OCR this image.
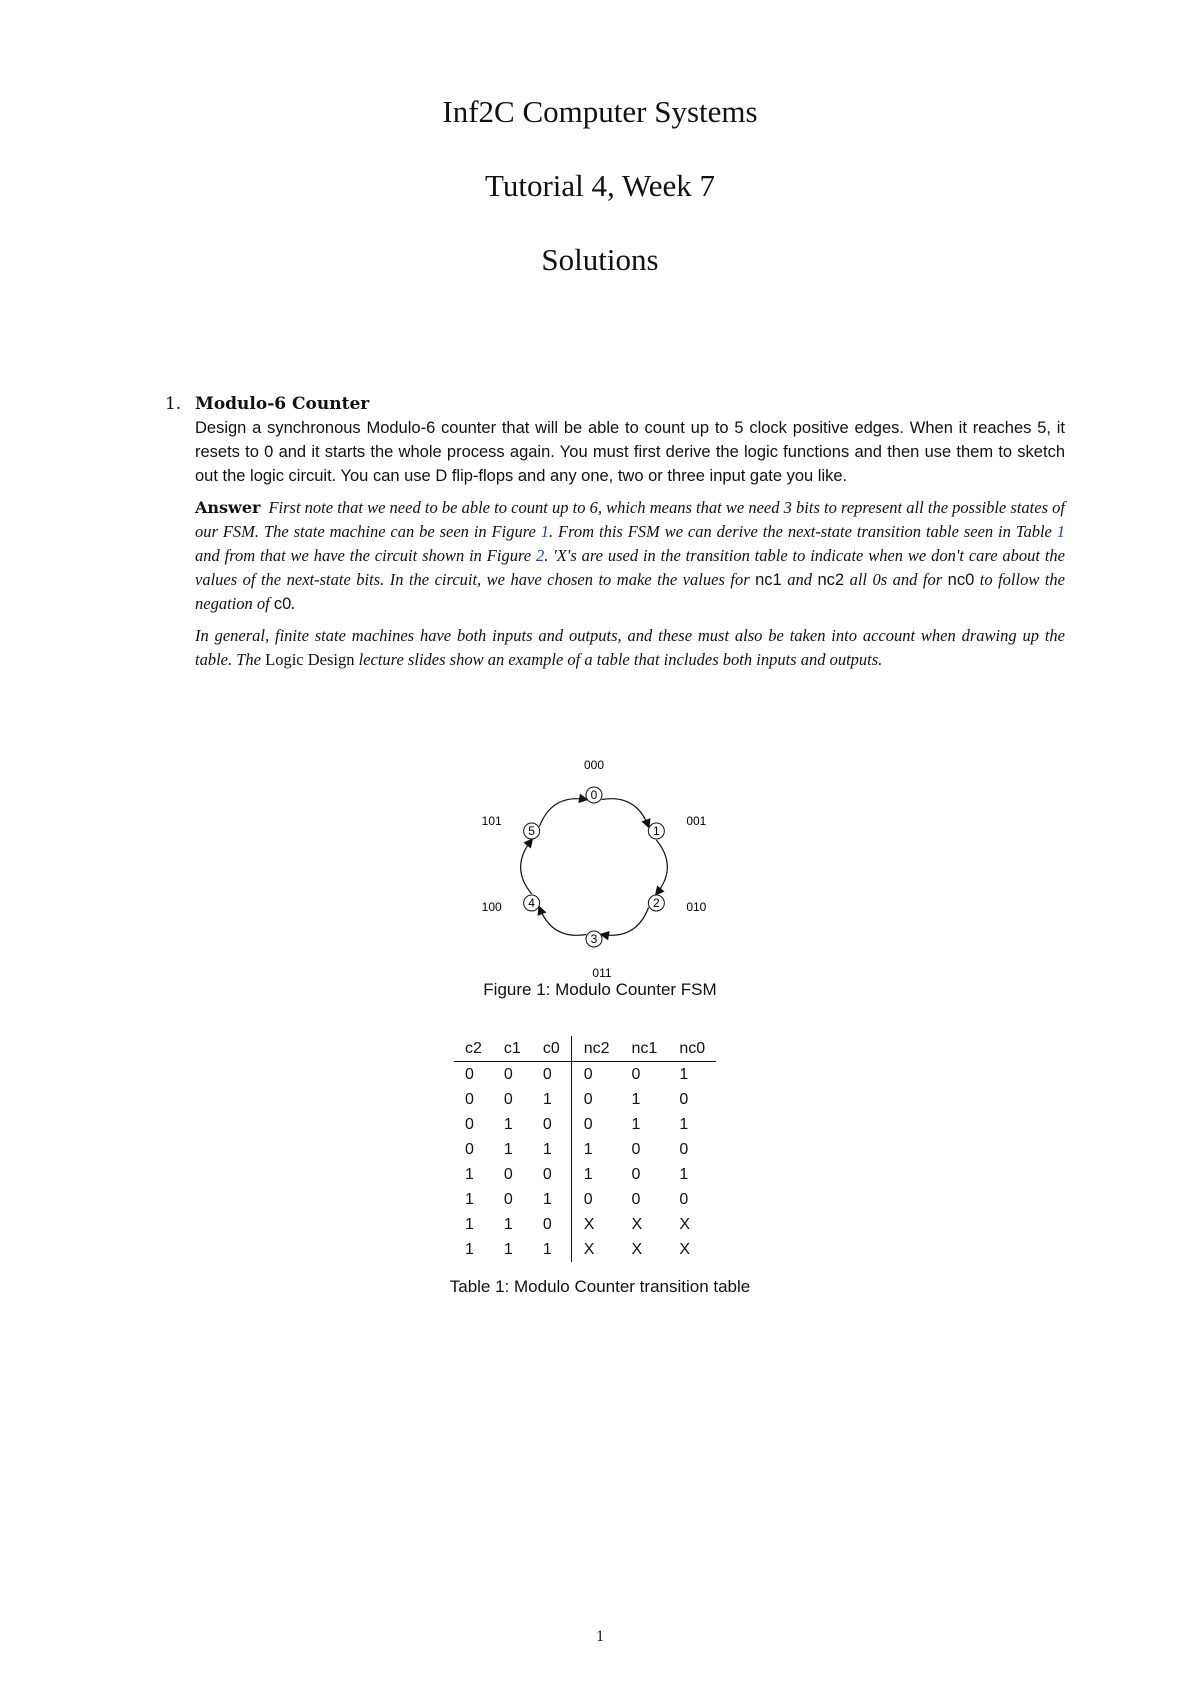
Inf2C Computer Systems
Tutorial 4, Week 7
Solutions
1. Modulo-6 Counter
Design a synchronous Modulo-6 counter that will be able to count up to 5 clock positive edges. When it reaches 5, it resets to 0 and it starts the whole process again. You must first derive the logic functions and then use them to sketch out the logic circuit. You can use D flip-flops and any one, two or three input gate you like.
Answer First note that we need to be able to count up to 6, which means that we need 3 bits to represent all the possible states of our FSM. The state machine can be seen in Figure 1. From this FSM we can derive the next-state transition table seen in Table 1 and from that we have the circuit shown in Figure 2. 'X's are used in the transition table to indicate when we don't care about the values of the next-state bits. In the circuit, we have chosen to make the values for nc1 and nc2 all 0s and for nc0 to follow the negation of c0.
In general, finite state machines have both inputs and outputs, and these must also be taken into account when drawing up the table. The Logic Design lecture slides show an example of a table that includes both inputs and outputs.
0
000
1
001
2 010
3
011
4
100
5
101
Figure 1: Modulo Counter FSM
c2	c1	c0	nc2	nc1	nc0
0	0	0	0	0	1
0	0	1	0	1	0
0	1	0	0	1	1
0	1	1	1	0	0
1	0	0	1	0	1
1	0	1	0	0	0
1	1	0	X	X	X
1	1	1	X	X	X
Table 1: Modulo Counter transition table
1
